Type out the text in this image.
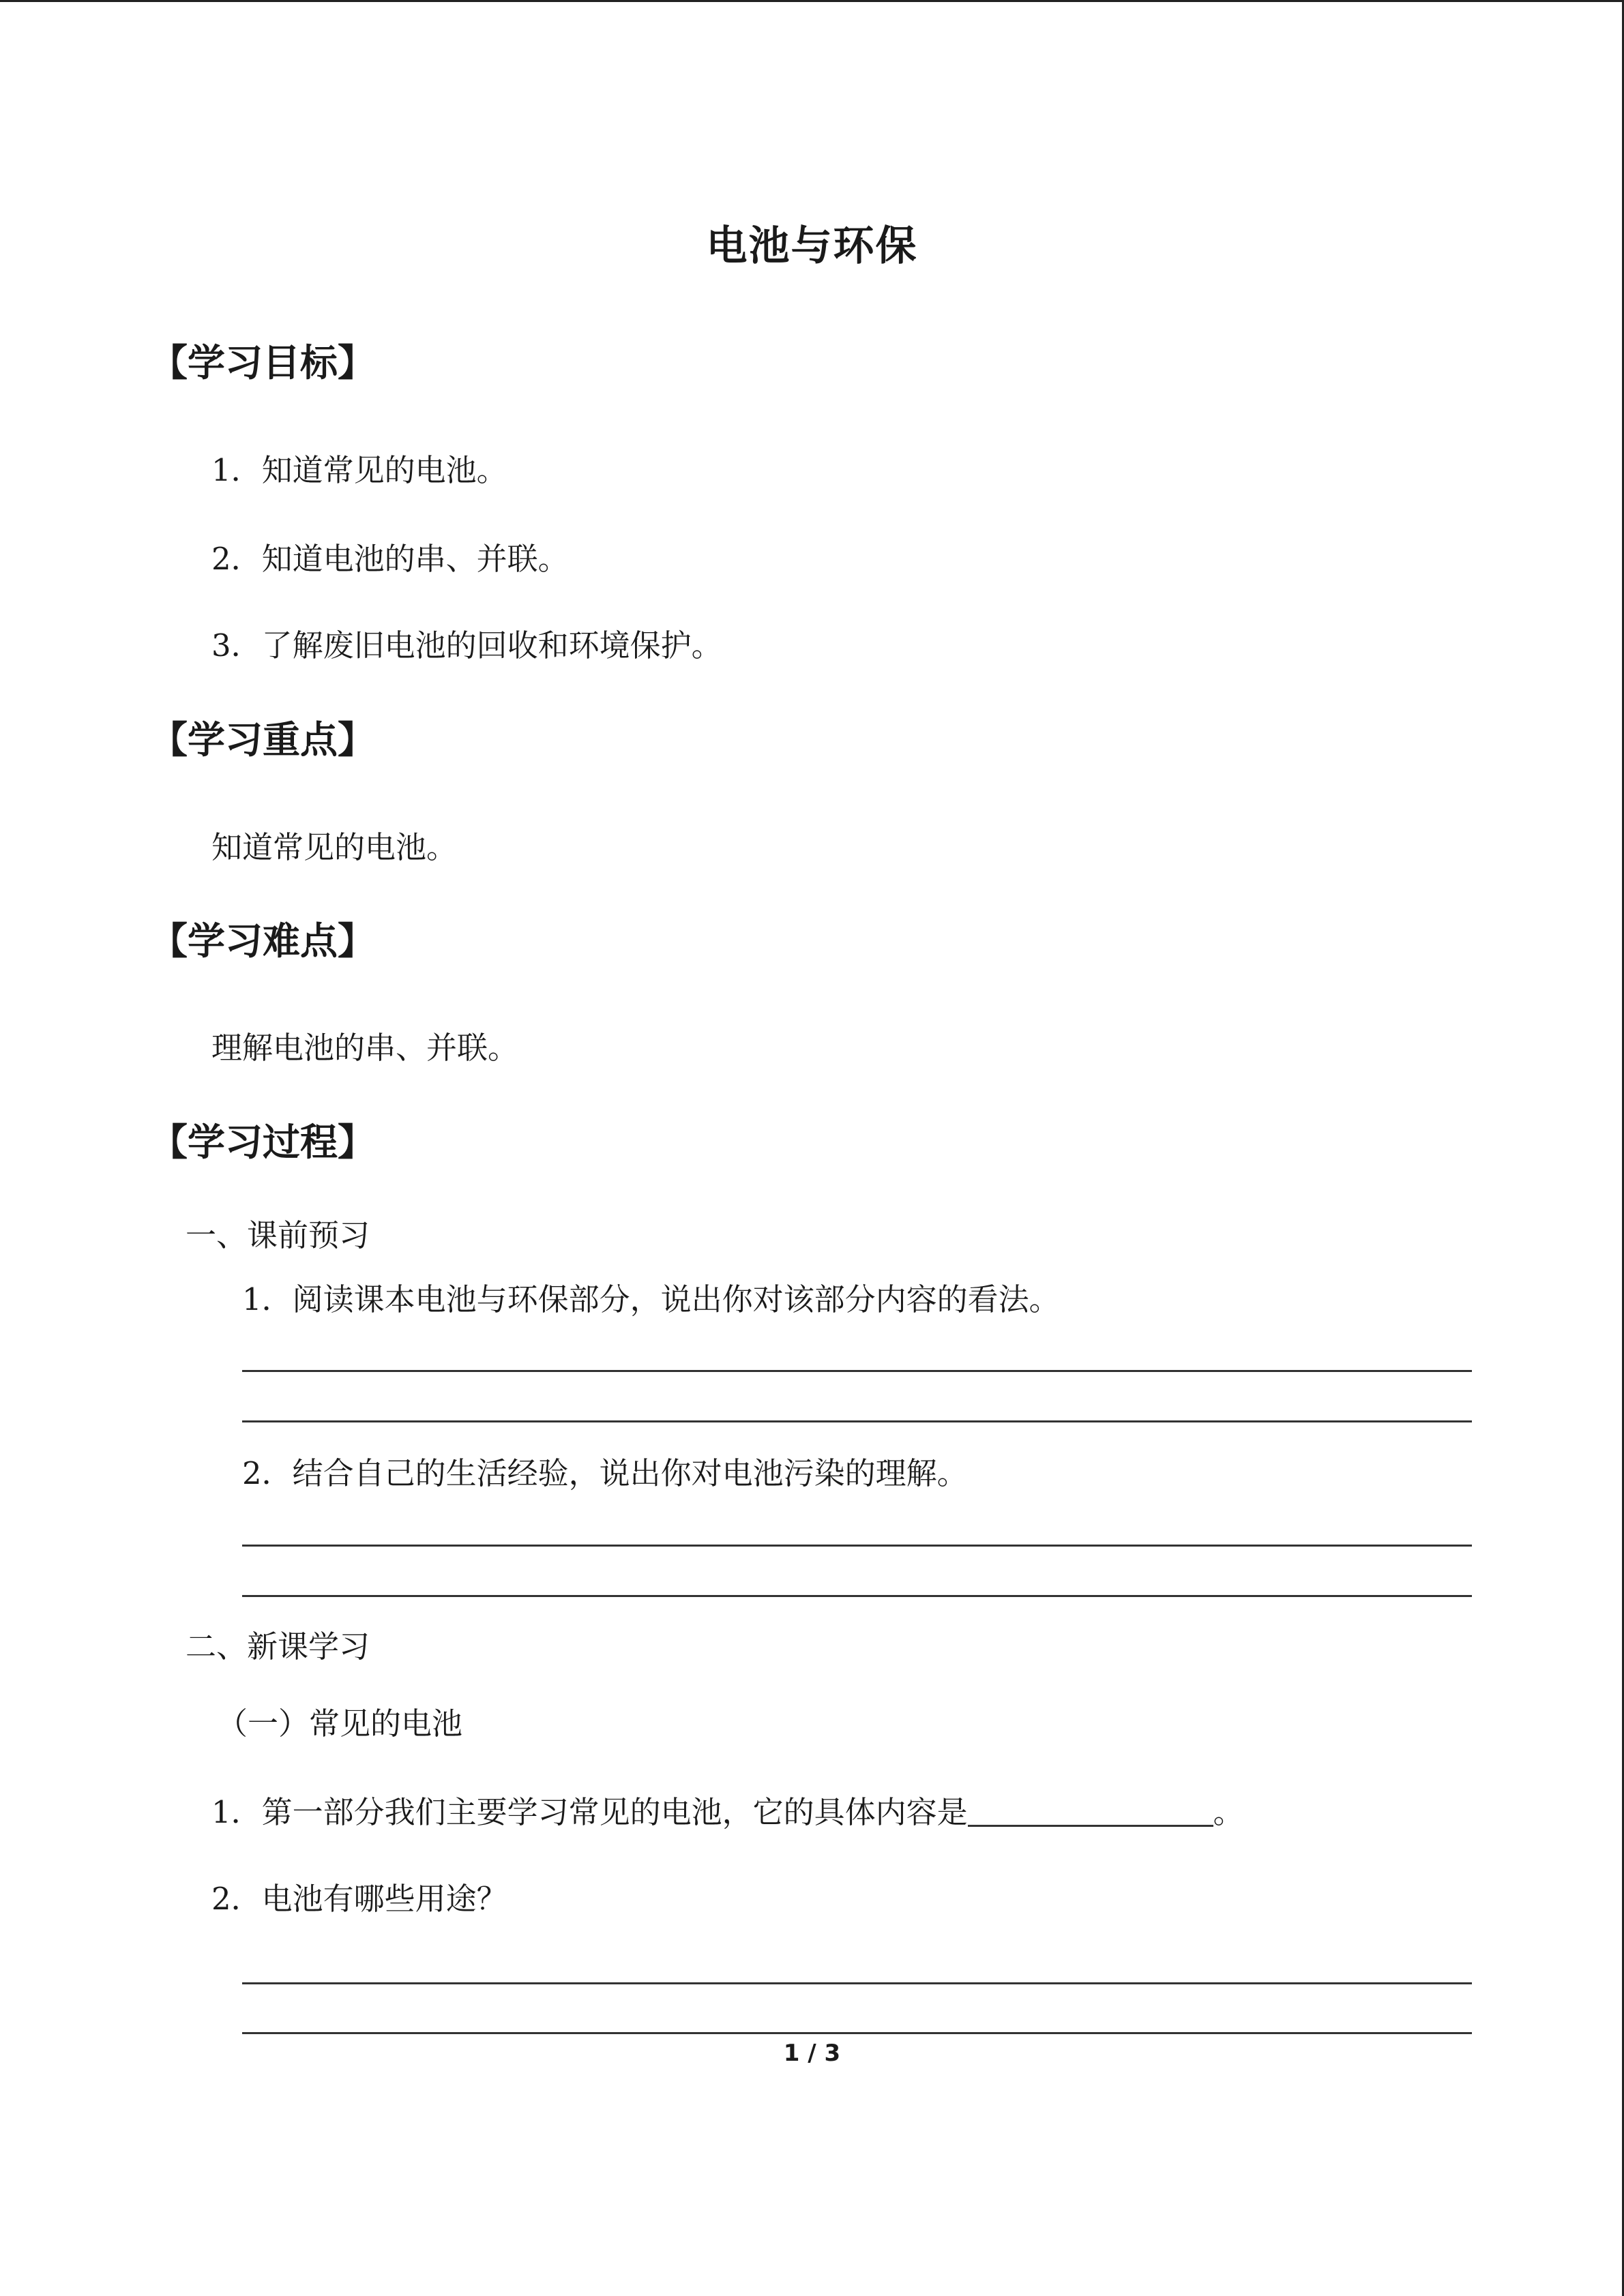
电池与环保
【学习目标】
1．知道常见的电池。
2．知道电池的串、并联。
3．了解废旧电池的回收和环境保护。
【学习重点】
知道常见的电池。
【学习难点】
理解电池的串、并联。
【学习过程】
一、课前预习
1．阅读课本电池与环保部分，说出你对该部分内容的看法。
2．结合自己的生活经验，说出你对电池污染的理解。
二、新课学习
（一）常见的电池
1．第一部分我们主要学习常见的电池，它的具体内容是	。
2．电池有哪些用途？
1 / 3
